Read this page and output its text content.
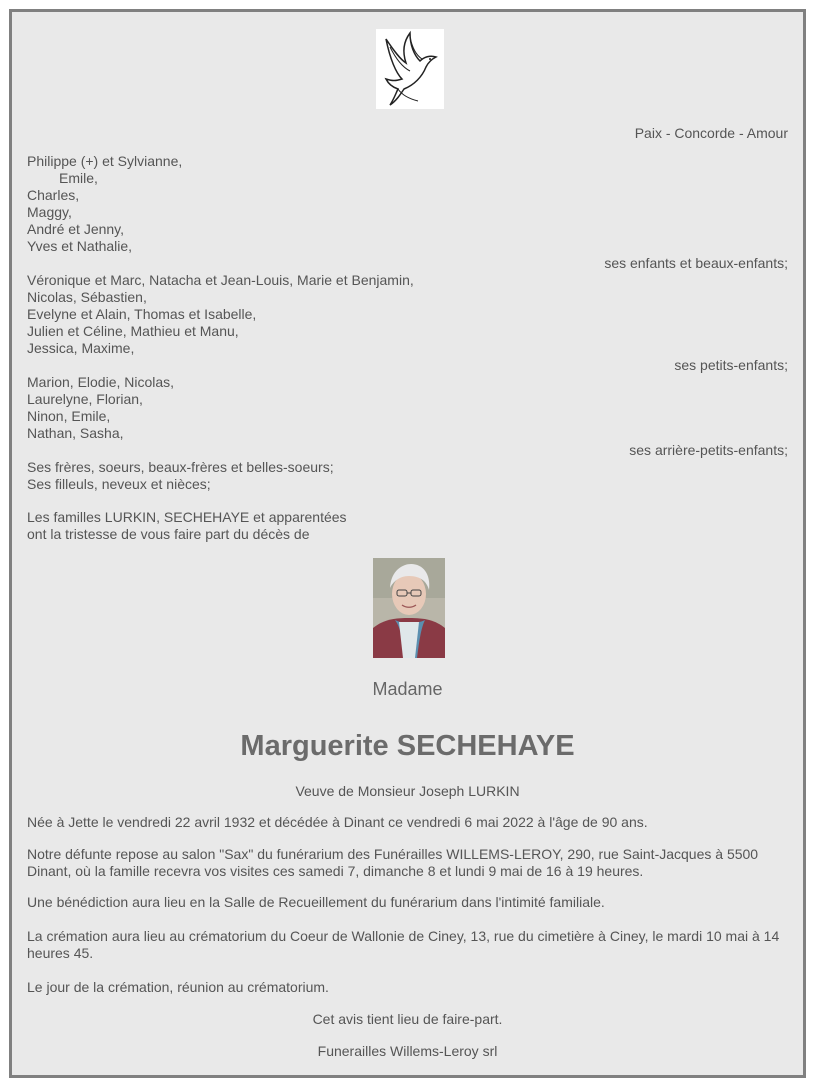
Paix - Concorde - Amour
Philippe (+) et Sylvianne,
Emile,
Charles,
Maggy,
André et Jenny,
Yves et Nathalie,
ses enfants et beaux-enfants;
Véronique et Marc, Natacha et Jean-Louis, Marie et Benjamin,
Nicolas, Sébastien,
Evelyne et Alain, Thomas et Isabelle,
Julien et Céline, Mathieu et Manu,
Jessica, Maxime,
ses petits-enfants;
Marion, Elodie, Nicolas,
Laurelyne, Florian,
Ninon, Emile,
Nathan, Sasha,
ses arrière-petits-enfants;
Ses frères, soeurs, beaux-frères et belles-soeurs;
Ses filleuls, neveux et nièces;
Les familles LURKIN, SECHEHAYE et apparentées
ont la tristesse de vous faire part du décès de
Madame
Marguerite SECHEHAYE
Veuve de Monsieur Joseph LURKIN
Née à Jette le vendredi 22 avril 1932 et décédée à Dinant ce vendredi 6 mai 2022 à l'âge de 90 ans.
Notre défunte repose au salon "Sax" du funérarium des Funérailles WILLEMS-LEROY, 290, rue Saint-Jacques à 5500 Dinant, où la famille recevra vos visites ces samedi 7, dimanche 8 et lundi 9 mai de 16 à 19 heures.
Une bénédiction aura lieu en la Salle de Recueillement du funérarium dans l'intimité familiale.
La crémation aura lieu au crématorium du Coeur de Wallonie de Ciney, 13, rue du cimetière à Ciney, le mardi 10 mai à 14 heures 45.
Le jour de la crémation, réunion au crématorium.
Cet avis tient lieu de faire-part.
Funerailles Willems-Leroy srl
